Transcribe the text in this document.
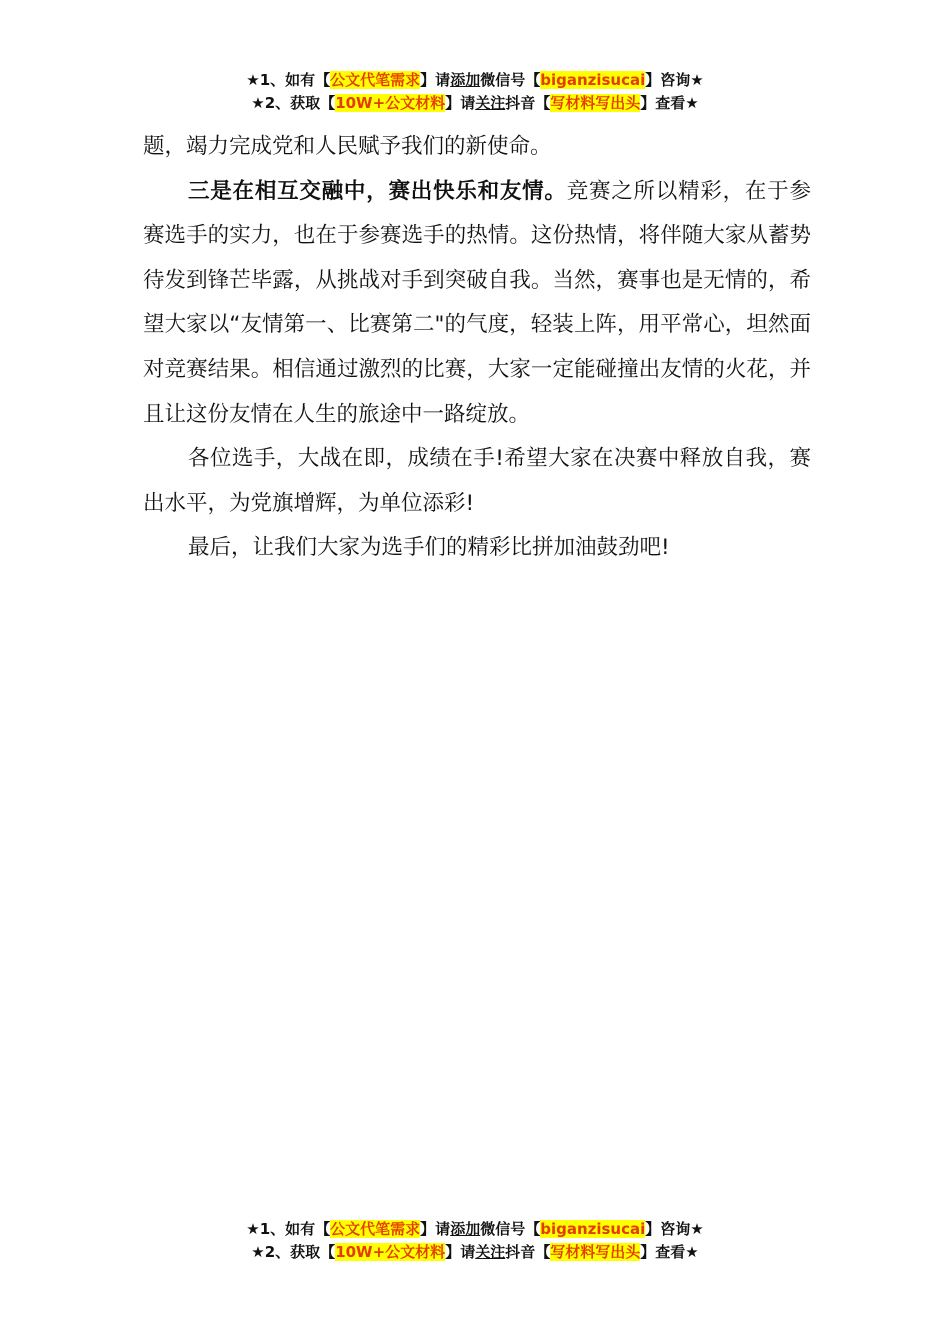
★1、如有【公文代笔需求】请添加微信号【biganzisucai】咨询★
★2、获取【10W+公文材料】请关注抖音【写材料写出头】查看★

题，竭力完成党和人民赋予我们的新使命。

三是在相互交融中，赛出快乐和友情。竞赛之所以精彩，在于参赛选手的实力，也在于参赛选手的热情。这份热情，将伴随大家从蓄势待发到锋芒毕露，从挑战对手到突破自我。当然，赛事也是无情的，希望大家以“友情第一、比赛第二"的气度，轻装上阵，用平常心，坦然面对竞赛结果。相信通过激烈的比赛，大家一定能碰撞出友情的火花，并且让这份友情在人生的旅途中一路绽放。

各位选手，大战在即，成绩在手!希望大家在决赛中释放自我，赛出水平，为党旗增辉，为单位添彩!

最后，让我们大家为选手们的精彩比拼加油鼓劲吧!

★1、如有【公文代笔需求】请添加微信号【biganzisucai】咨询★
★2、获取【10W+公文材料】请关注抖音【写材料写出头】查看★
